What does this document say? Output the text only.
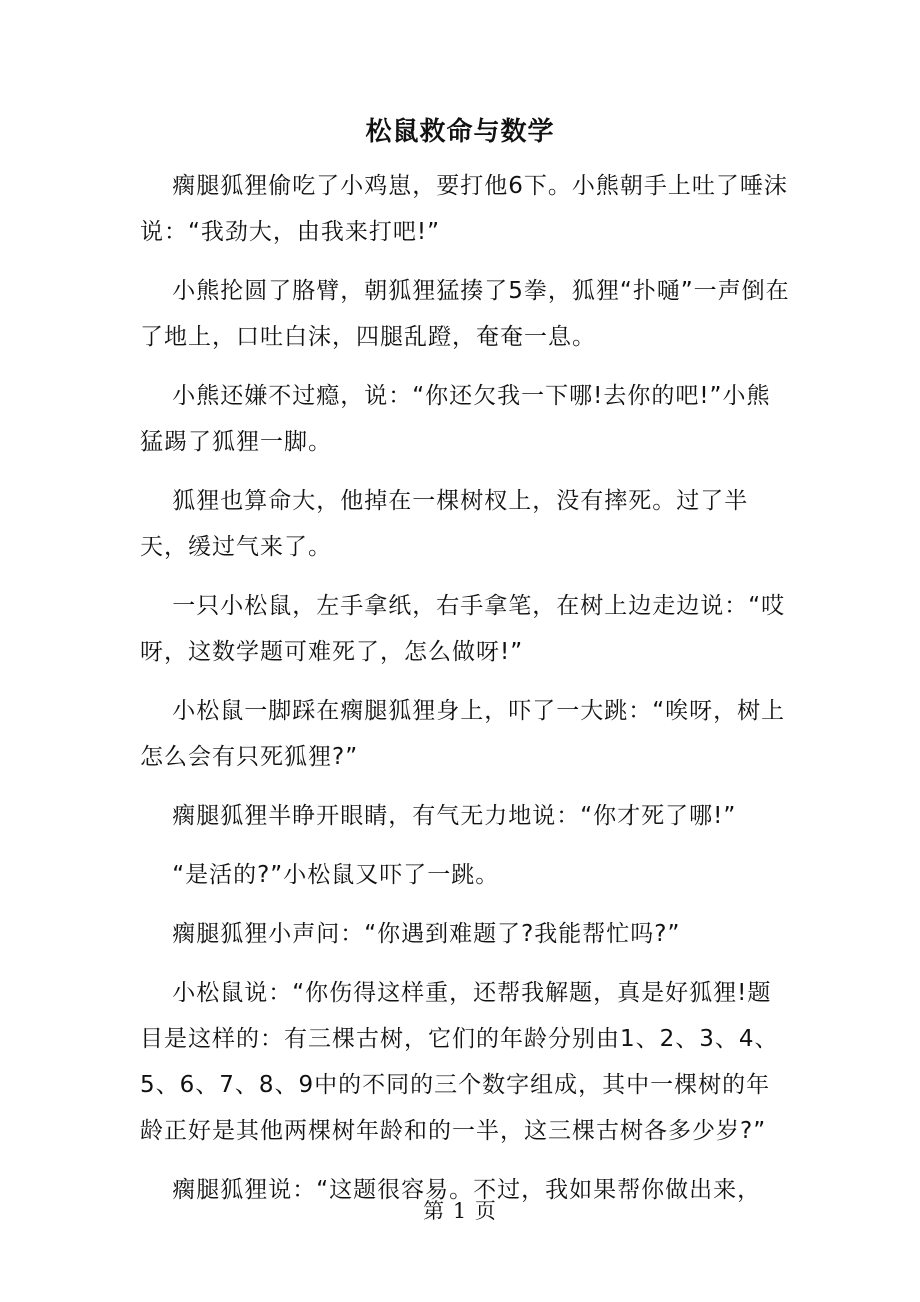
松鼠救命与数学

瘸腿狐狸偷吃了小鸡崽，要打他6下。小熊朝手上吐了唾沫说：“我劲大，由我来打吧!”

小熊抡圆了胳臂，朝狐狸猛揍了5拳，狐狸“扑嗵”一声倒在了地上，口吐白沫，四腿乱蹬，奄奄一息。

小熊还嫌不过瘾，说：“你还欠我一下哪!去你的吧!”小熊猛踢了狐狸一脚。

狐狸也算命大，他掉在一棵树杈上，没有摔死。过了半天，缓过气来了。

一只小松鼠，左手拿纸，右手拿笔，在树上边走边说：“哎呀，这数学题可难死了，怎么做呀!”

小松鼠一脚踩在瘸腿狐狸身上，吓了一大跳：“唉呀，树上怎么会有只死狐狸?”

瘸腿狐狸半睁开眼睛，有气无力地说：“你才死了哪!”

“是活的?”小松鼠又吓了一跳。

瘸腿狐狸小声问：“你遇到难题了?我能帮忙吗?”

小松鼠说：“你伤得这样重，还帮我解题，真是好狐狸!题目是这样的：有三棵古树，它们的年龄分别由1、2、3、4、5、6、7、8、9中的不同的三个数字组成，其中一棵树的年龄正好是其他两棵树年龄和的一半，这三棵古树各多少岁?”

瘸腿狐狸说：“这题很容易。不过，我如果帮你做出来，

第 1 页
